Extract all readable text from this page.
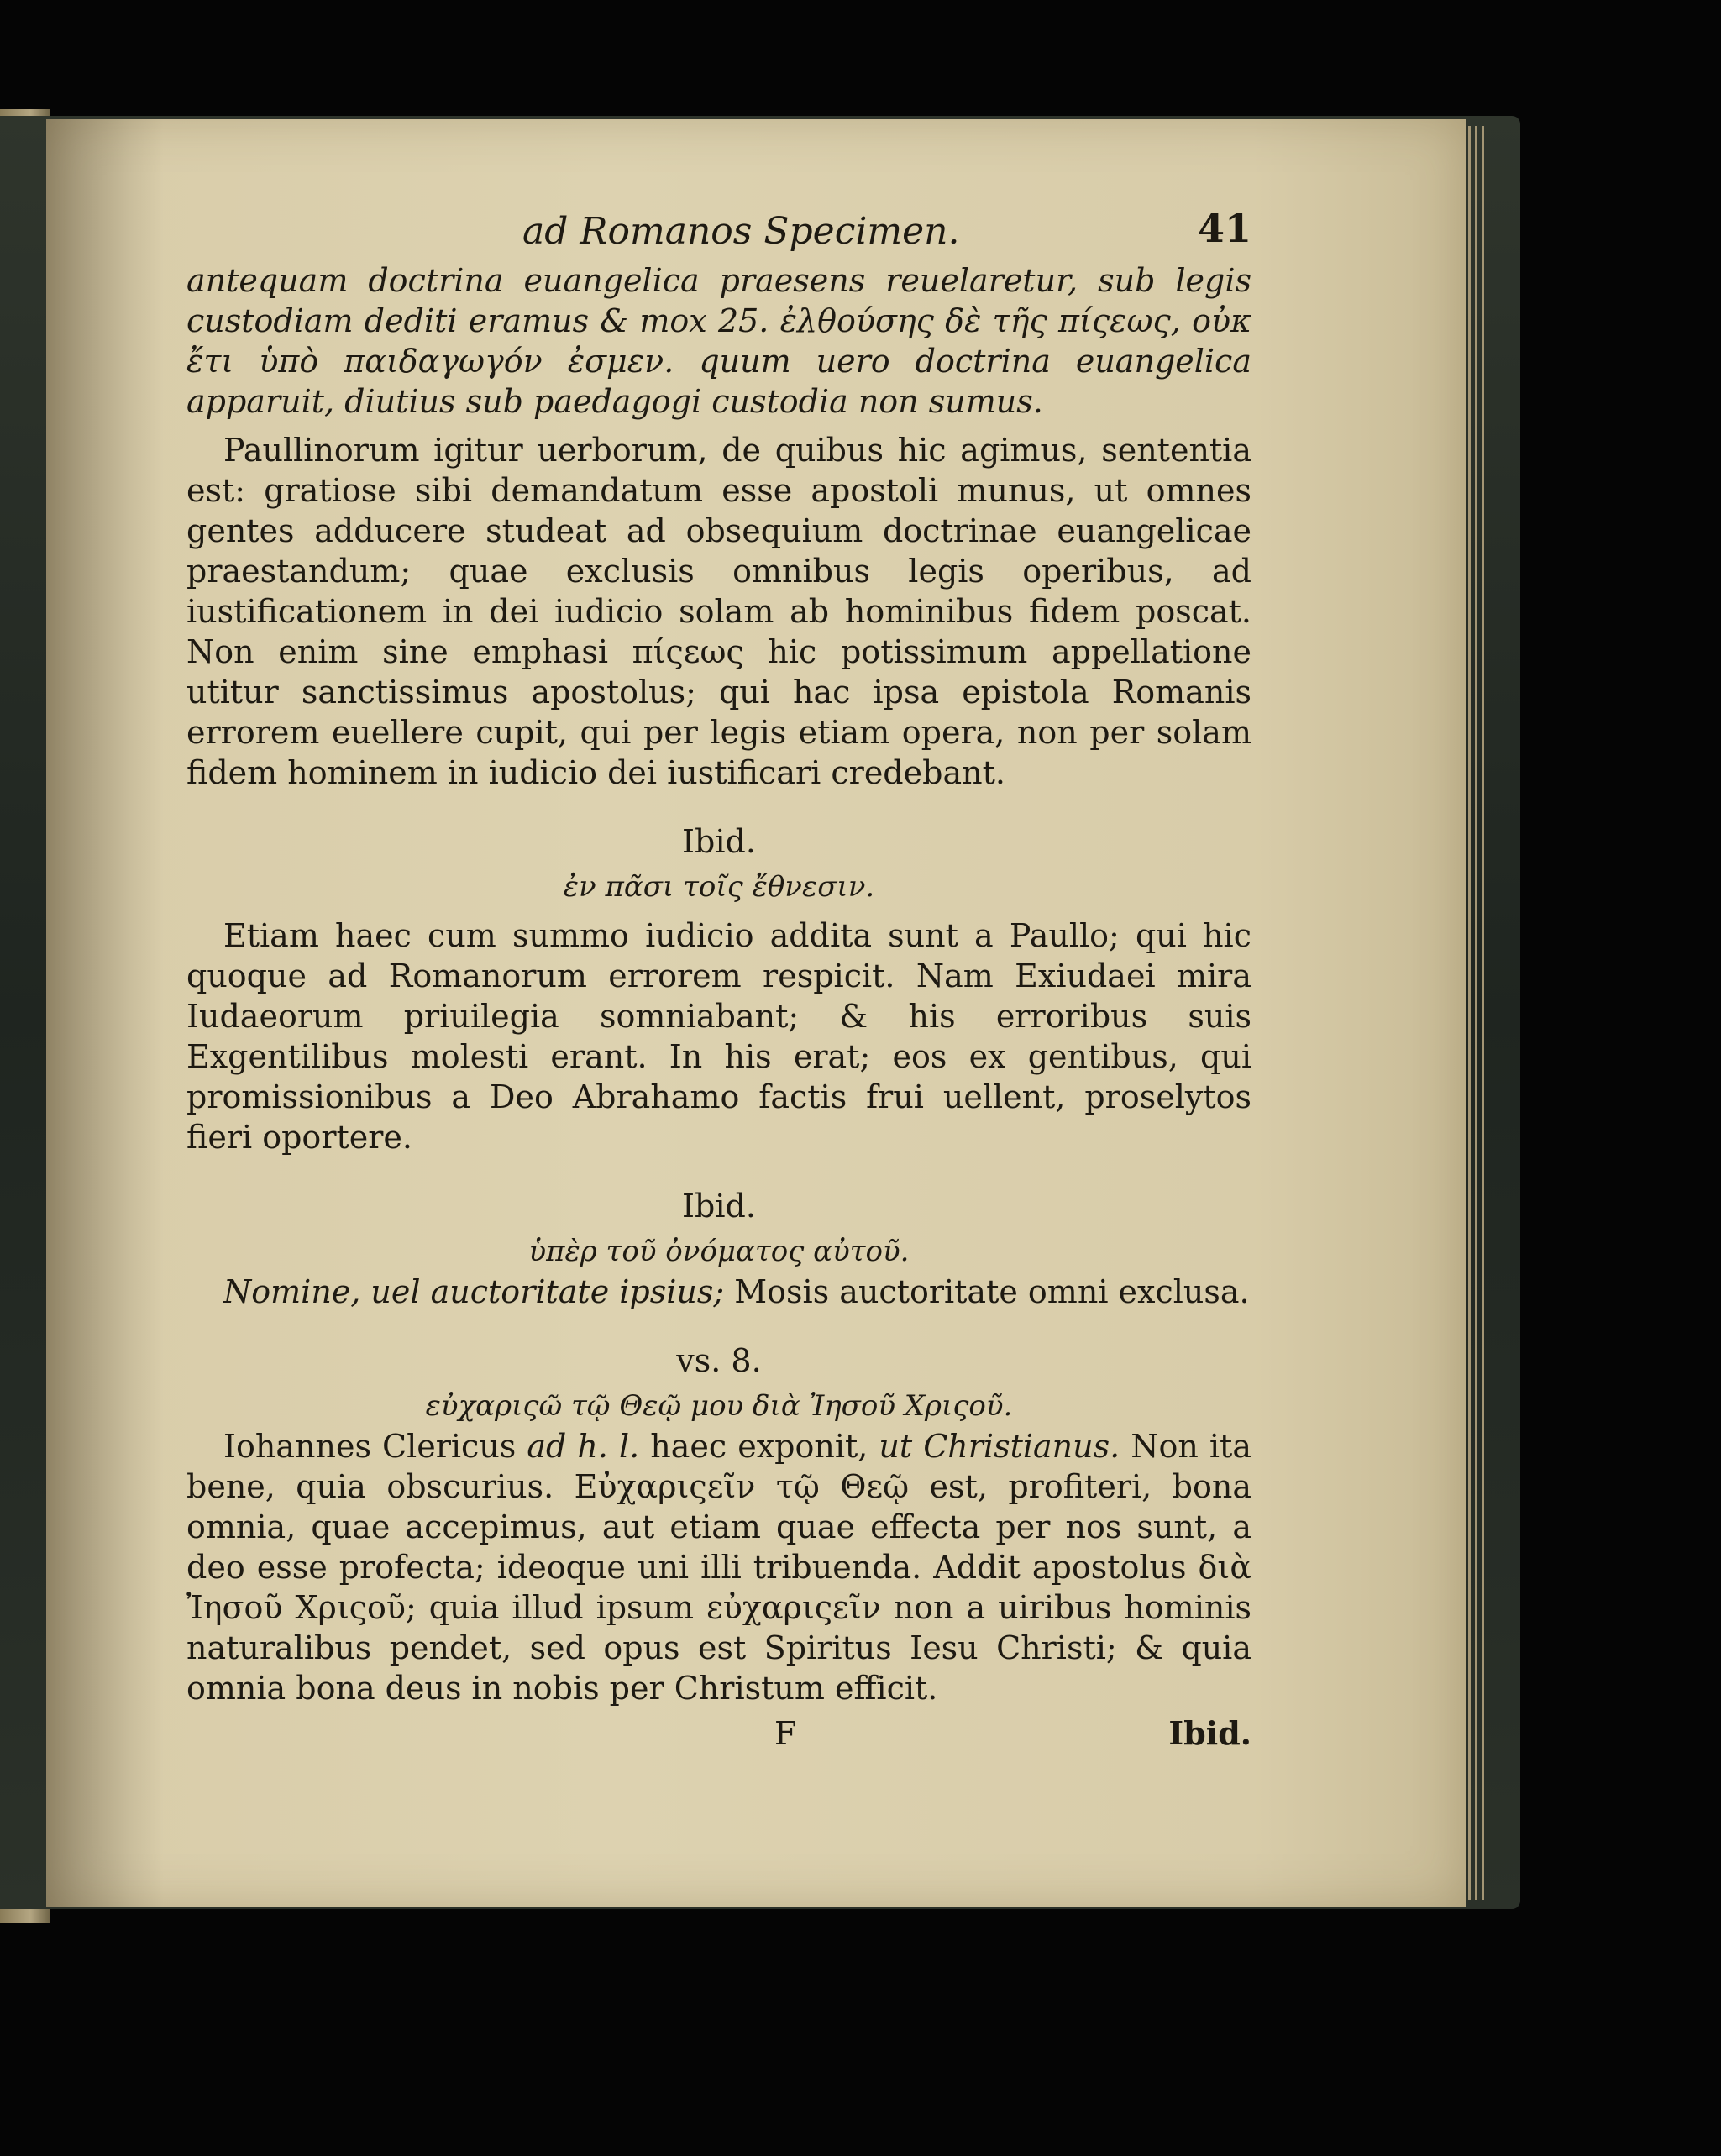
ad Romanos Specimen.	41

antequam doctrina euangelica praesens reuelaretur, sub legis custodiam dediti eramus & mox 25. ἐλθούσης δὲ τῆς πίςεως, οὐκ ἔτι ὑπὸ παιδαγωγόν ἐσμεν. quum uero doctrina euangelica apparuit, diutius sub paedagogi custodia non sumus.

Paullinorum igitur uerborum, de quibus hic agimus, sententia est: gratiose sibi demandatum esse apostoli munus, ut omnes gentes adducere studeat ad obsequium doctrinae euangelicae praestandum; quae exclusis omnibus legis operibus, ad iustificationem in dei iudicio solam ab hominibus fidem poscat. Non enim sine emphasi πίςεως hic potissimum appellatione utitur sanctissimus apostolus; qui hac ipsa epistola Romanis errorem euellere cupit, qui per legis etiam opera, non per solam fidem hominem in iudicio dei iustificari credebant.

Ibid.

ἐν πᾶσι τοῖς ἔθνεσιν.

Etiam haec cum summo iudicio addita sunt a Paullo; qui hic quoque ad Romanorum errorem respicit. Nam Exiudaei mira Iudaeorum priuilegia somniabant; & his erroribus suis Exgentilibus molesti erant. In his erat; eos ex gentibus, qui promissionibus a Deo Abrahamo factis frui uellent, proselytos fieri oportere.

Ibid.

ὑπὲρ τοῦ ὀνόματος αὐτοῦ.

Nomine, uel auctoritate ipsius; Mosis auctoritate omni exclusa.

vs. 8.

εὐχαριςῶ τῷ Θεῷ μου διὰ Ἰησοῦ Χριςοῦ.

Iohannes Clericus ad h. l. haec exponit, ut Christianus. Non ita bene, quia obscurius. Εὐχαριςεῖν τῷ Θεῷ est, profiteri, bona omnia, quae accepimus, aut etiam quae effecta per nos sunt, a deo esse profecta; ideoque uni illi tribuenda. Addit apostolus διὰ Ἰησοῦ Χριςοῦ; quia illud ipsum εὐχαριςεῖν non a uiribus hominis naturalibus pendet, sed opus est Spiritus Iesu Christi; & quia omnia bona deus in nobis per Christum efficit.

F	Ibid.
